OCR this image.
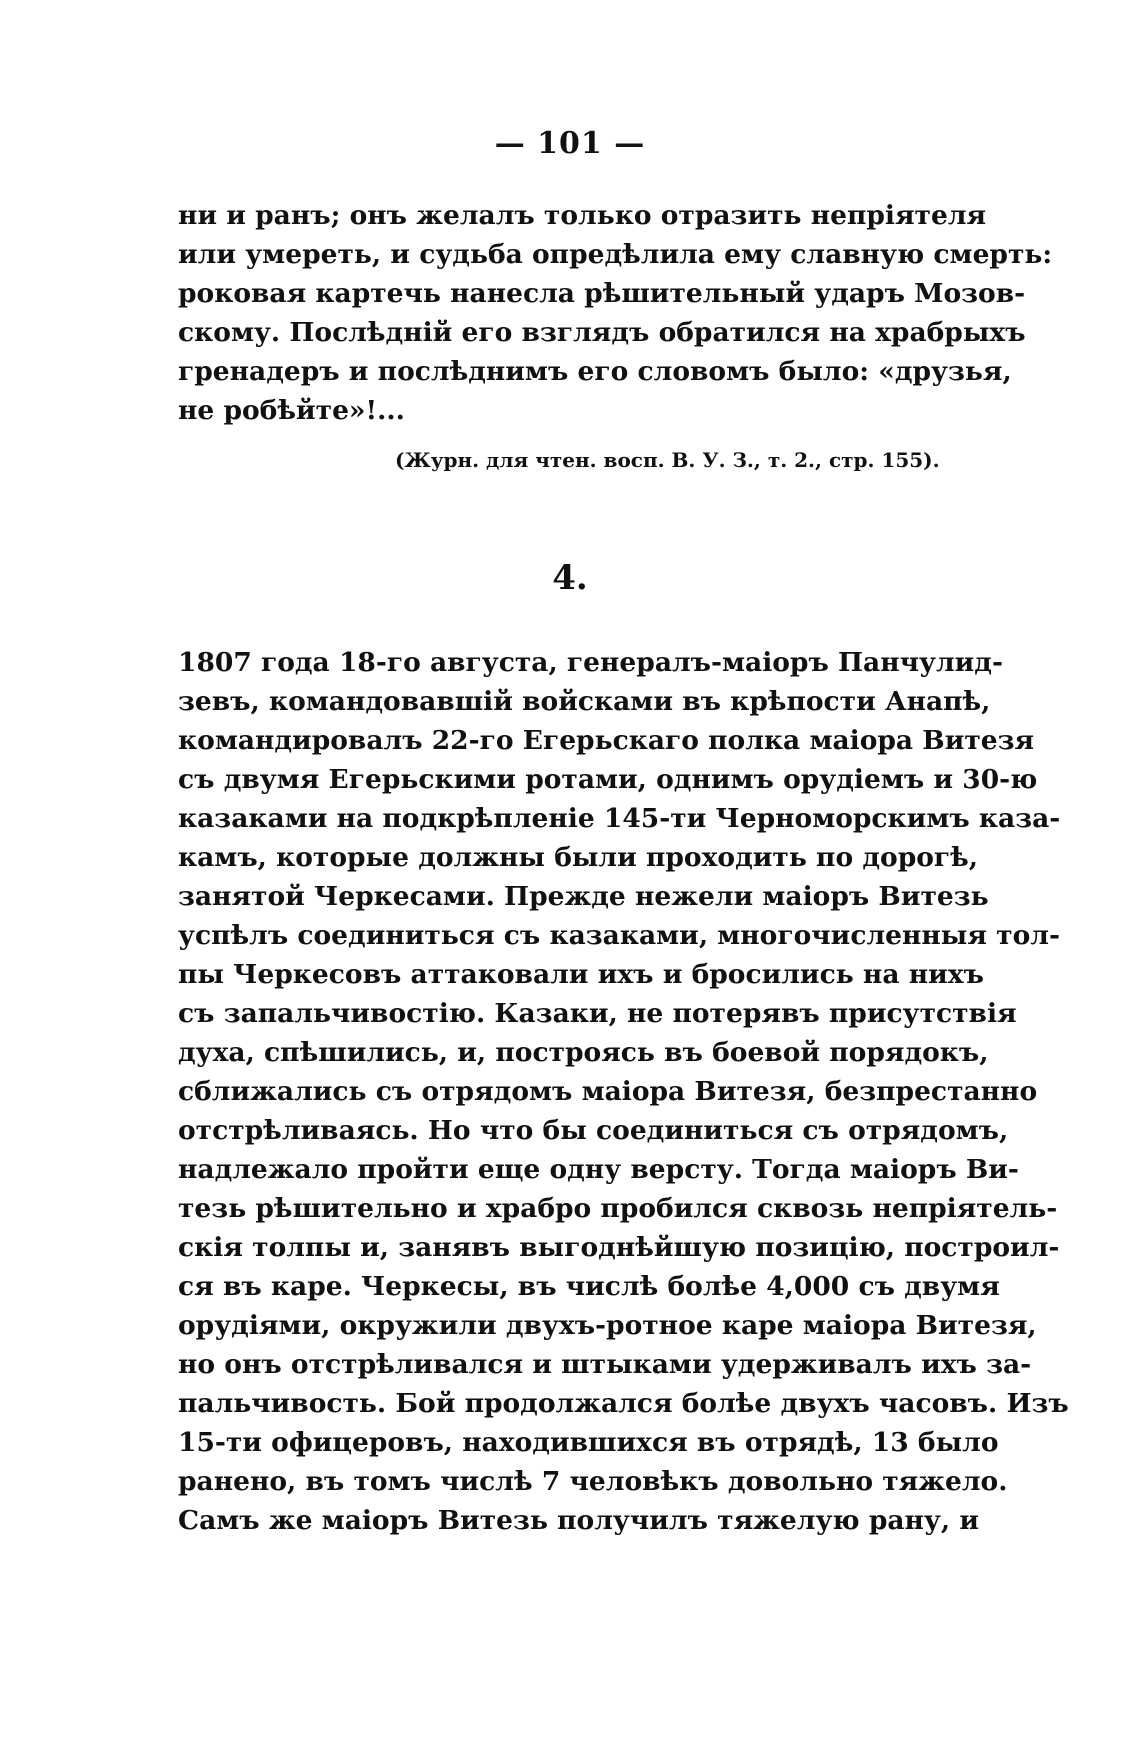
— 101 —
ни и ранъ; онъ желалъ только отразить непріятеля
или умереть, и судьба опредѣлила ему славную смерть:
роковая картечь нанесла рѣшительный ударъ Мозов-
скому. Послѣдній его взглядъ обратился на храбрыхъ
гренадеръ и послѣднимъ его словомъ было: «друзья,
не робѣйте»!...
(Журн. для чтен. восп. В. У. З., т. 2., стр. 155).
4.
1807 года 18-го августа, генералъ-маіоръ Панчулид-
зевъ, командовавшій войсками въ крѣпости Анапѣ,
командировалъ 22-го Егерьскаго полка маіора Витезя
съ двумя Егерьскими ротами, однимъ орудіемъ и 30-ю
казаками на подкрѣпленіе 145-ти Черноморскимъ каза-
камъ, которые должны были проходить по дорогѣ,
занятой Черкесами. Прежде нежели маіоръ Витезь
успѣлъ соединиться съ казаками, многочисленныя тол-
пы Черкесовъ аттаковали ихъ и бросились на нихъ
съ запальчивостію. Казаки, не потерявъ присутствія
духа, спѣшились, и, построясь въ боевой порядокъ,
сближались съ отрядомъ маіора Витезя, безпрестанно
отстрѣливаясь. Но что бы соединиться съ отрядомъ,
надлежало пройти еще одну версту. Тогда маіоръ Ви-
тезь рѣшительно и храбро пробился сквозь непріятель-
скія толпы и, занявъ выгоднѣйшую позицію, построил-
ся въ каре. Черкесы, въ числѣ болѣе 4,000 съ двумя
орудіями, окружили двухъ-ротное каре маіора Витезя,
но онъ отстрѣливался и штыками удерживалъ ихъ за-
пальчивость. Бой продолжался болѣе двухъ часовъ. Изъ
15-ти офицеровъ, находившихся въ отрядѣ, 13 было
ранено, въ томъ числѣ 7 человѣкъ довольно тяжело.
Самъ же маіоръ Витезь получилъ тяжелую рану, и
